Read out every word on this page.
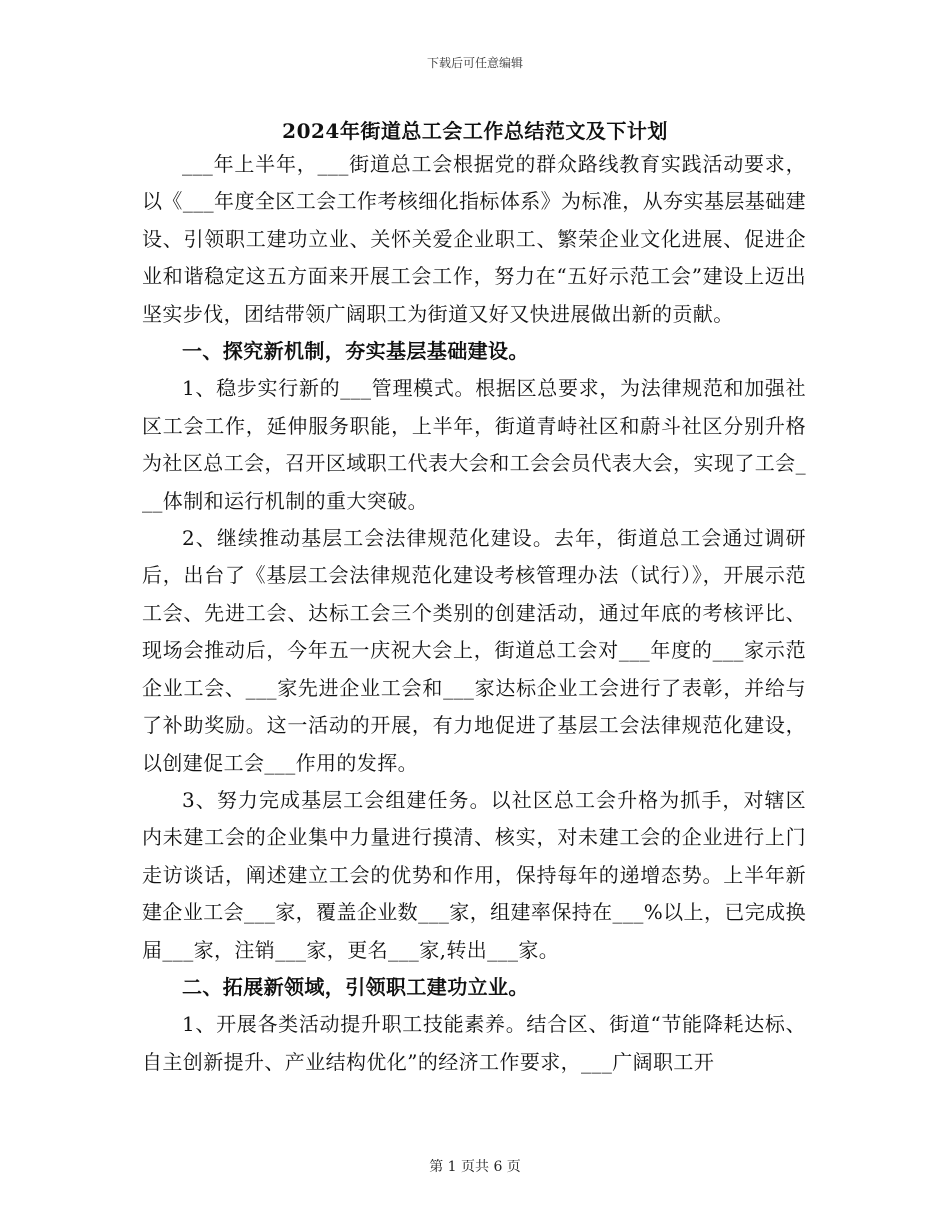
下载后可任意编辑
2024年街道总工会工作总结范文及下计划

___年上半年，___街道总工会根据党的群众路线教育实践活动要求，以《___年度全区工会工作考核细化指标体系》为标准，从夯实基层基础建设、引领职工建功立业、关怀关爱企业职工、繁荣企业文化进展、促进企业和谐稳定这五方面来开展工会工作，努力在“五好示范工会”建设上迈出坚实步伐，团结带领广阔职工为街道又好又快进展做出新的贡献。

一、探究新机制，夯实基层基础建设。

1、稳步实行新的___管理模式。根据区总要求，为法律规范和加强社区工会工作，延伸服务职能，上半年，街道青峙社区和蔚斗社区分别升格为社区总工会，召开区域职工代表大会和工会会员代表大会，实现了工会___体制和运行机制的重大突破。

2、继续推动基层工会法律规范化建设。去年，街道总工会通过调研后，出台了《基层工会法律规范化建设考核管理办法（试行）》，开展示范工会、先进工会、达标工会三个类别的创建活动，通过年底的考核评比、现场会推动后，今年五一庆祝大会上，街道总工会对___年度的___家示范企业工会、___家先进企业工会和___家达标企业工会进行了表彰，并给与了补助奖励。这一活动的开展，有力地促进了基层工会法律规范化建设，以创建促工会___作用的发挥。

3、努力完成基层工会组建任务。以社区总工会升格为抓手，对辖区内未建工会的企业集中力量进行摸清、核实，对未建工会的企业进行上门走访谈话，阐述建立工会的优势和作用，保持每年的递增态势。上半年新建企业工会___家，覆盖企业数___家，组建率保持在___%以上，已完成换届___家，注销___家，更名___家,转出___家。

二、拓展新领域，引领职工建功立业。

1、开展各类活动提升职工技能素养。结合区、街道“节能降耗达标、自主创新提升、产业结构优化”的经济工作要求，___广阔职工开

第 1 页共 6 页
